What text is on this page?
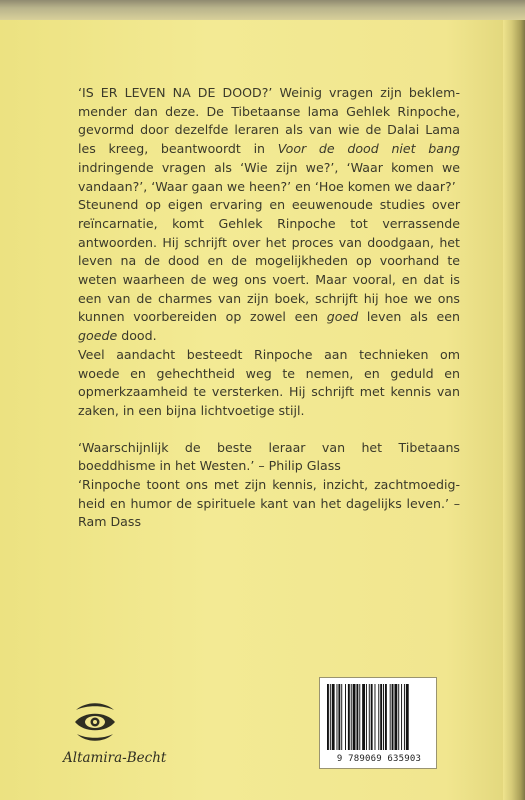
‘IS ER LEVEN NA DE DOOD?’ Weinig vragen zijn beklemmender dan deze. De Tibetaanse lama Gehlek Rinpoche, gevormd door dezelfde leraren als van wie de Dalai Lama les kreeg, beantwoordt in Voor de dood niet bang indringende vragen als ‘Wie zijn we?’, ‘Waar komen we vandaan?’, ‘Waar gaan we heen?’ en ‘Hoe komen we daar?’

Steunend op eigen ervaring en eeuwenoude studies over reïncarnatie, komt Gehlek Rinpoche tot verrassende antwoorden. Hij schrijft over het proces van doodgaan, het leven na de dood en de mogelijkheden op voorhand te weten waarheen de weg ons voert. Maar vooral, en dat is een van de charmes van zijn boek, schrijft hij hoe we ons kunnen voorbereiden op zowel een goed leven als een goede dood.

Veel aandacht besteedt Rinpoche aan technieken om woede en gehechtheid weg te nemen, en geduld en opmerkzaamheid te versterken. Hij schrijft met kennis van zaken, in een bijna lichtvoetige stijl.

‘Waarschijnlijk de beste leraar van het Tibetaans boeddhisme in het Westen.’ – Philip Glass

‘Rinpoche toont ons met zijn kennis, inzicht, zachtmoedigheid en humor de spirituele kant van het dagelijks leven.’ – Ram Dass

9 789069 635903
Altamira-Becht
